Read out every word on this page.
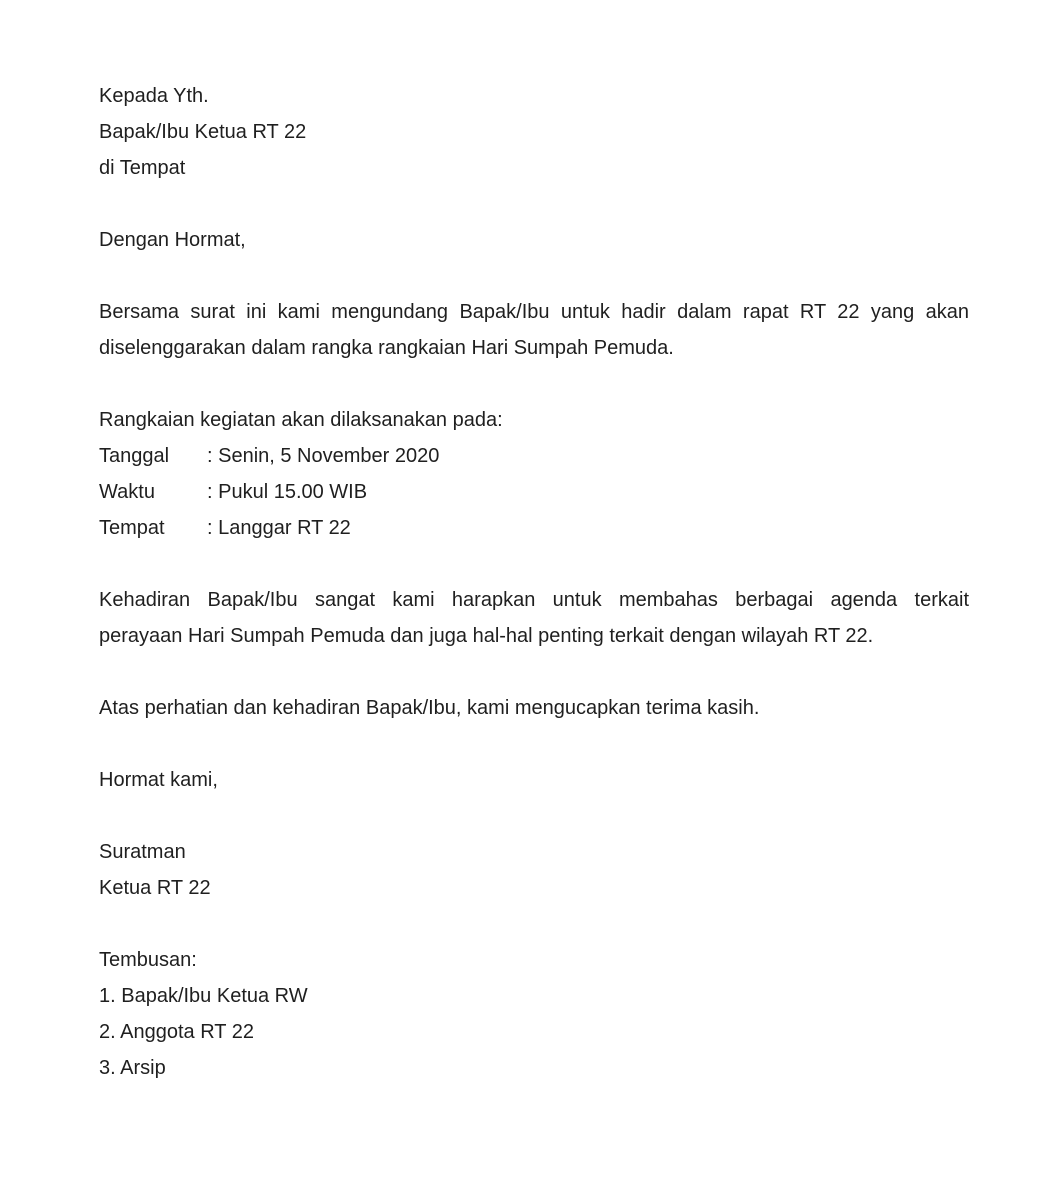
Kepada Yth.
Bapak/Ibu Ketua RT 22
di Tempat
Dengan Hormat,
Bersama surat ini kami mengundang Bapak/Ibu untuk hadir dalam rapat RT 22 yang akan
diselenggarakan dalam rangka rangkaian Hari Sumpah Pemuda.
Rangkaian kegiatan akan dilaksanakan pada:
Tanggal : Senin, 5 November 2020
Waktu	: Pukul 15.00 WIB
Tempat : Langgar RT 22
Kehadiran Bapak/Ibu sangat kami harapkan untuk membahas berbagai agenda terkait
perayaan Hari Sumpah Pemuda dan juga hal-hal penting terkait dengan wilayah RT 22.
Atas perhatian dan kehadiran Bapak/Ibu, kami mengucapkan terima kasih.
Hormat kami,
Suratman
Ketua RT 22
Tembusan:
1. Bapak/Ibu Ketua RW
2. Anggota RT 22
3. Arsip
